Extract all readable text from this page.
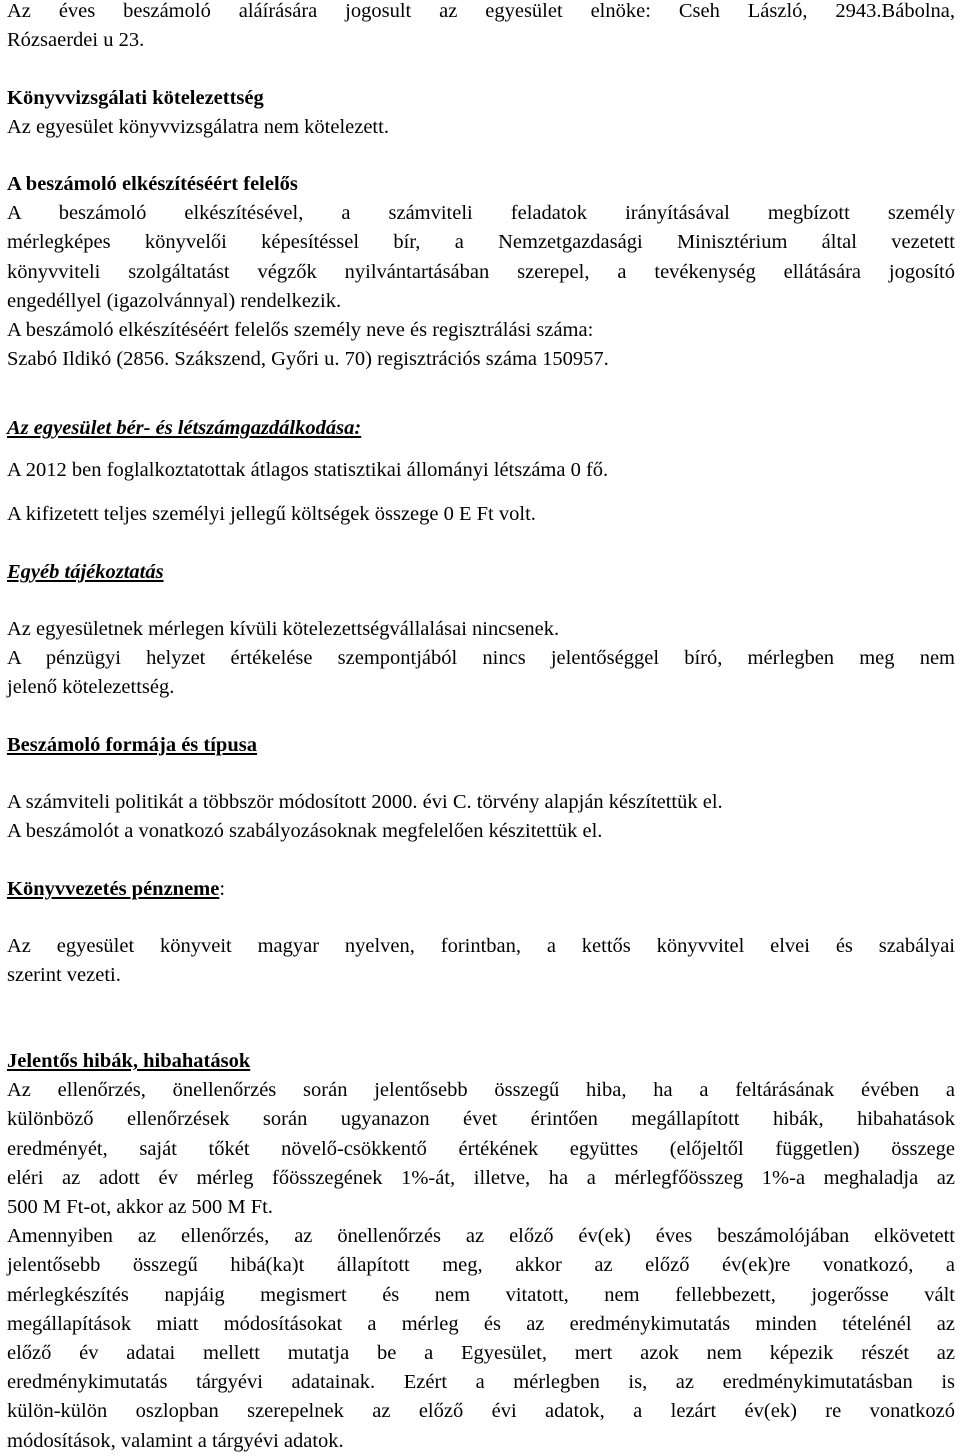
Az éves beszámoló aláírására jogosult az egyesület elnöke: Cseh László, 2943.Bábolna,

Rózsaerdei u 23.

Könyvvizsgálati kötelezettség

Az egyesület könyvvizsgálatra nem kötelezett.

A beszámoló elkészítéséért felelős

A beszámoló elkészítésével, a számviteli feladatok irányításával megbízott személy

mérlegképes könyvelői képesítéssel bír, a Nemzetgazdasági Minisztérium által vezetett

könyvviteli szolgáltatást végzők nyilvántartásában szerepel, a tevékenység ellátására jogosító

engedéllyel (igazolvánnyal) rendelkezik.

A beszámoló elkészítéséért felelős személy neve és regisztrálási száma:

Szabó Ildikó (2856. Szákszend, Győri u. 70) regisztrációs száma 150957.

Az egyesület bér- és létszámgazdálkodása:

A 2012 ben foglalkoztatottak átlagos statisztikai állományi létszáma 0 fő.

A kifizetett teljes személyi jellegű költségek összege 0 E Ft volt.

Egyéb tájékoztatás

Az egyesületnek mérlegen kívüli kötelezettségvállalásai nincsenek.

A pénzügyi helyzet értékelése szempontjából nincs jelentőséggel bíró, mérlegben meg nem

jelenő kötelezettség.

Beszámoló formája és típusa

A számviteli politikát a többször módosított 2000. évi C. törvény alapján készítettük el.

A beszámolót a vonatkozó szabályozásoknak megfelelően készitettük el.

Könyvvezetés pénzneme:

Az egyesület könyveit magyar nyelven, forintban, a kettős könyvvitel elvei és szabályai

szerint vezeti.

Jelentős hibák, hibahatások

Az ellenőrzés, önellenőrzés során jelentősebb összegű hiba, ha a feltárásának évében a

különböző ellenőrzések során ugyanazon évet érintően megállapított hibák, hibahatások

eredményét, saját tőkét növelő-csökkentő értékének együttes (előjeltől független) összege

eléri az adott év mérleg főösszegének 1%-át, illetve, ha a mérlegfőösszeg 1%-a meghaladja az

500 M Ft-ot, akkor az 500 M Ft.

Amennyiben az ellenőrzés, az önellenőrzés az előző év(ek) éves beszámolójában elkövetett

jelentősebb összegű hibá(ka)t állapított meg, akkor az előző év(ek)re vonatkozó, a

mérlegkészítés napjáig megismert és nem vitatott, nem fellebbezett, jogerősse vált

megállapítások miatt módosításokat a mérleg és az eredménykimutatás minden tételénél az

előző év adatai mellett mutatja be a Egyesület, mert azok nem képezik részét az

eredménykimutatás tárgyévi adatainak. Ezért a mérlegben is, az eredménykimutatásban is

külön-külön oszlopban szerepelnek az előző évi adatok, a lezárt év(ek) re vonatkozó

módosítások, valamint a tárgyévi adatok.
